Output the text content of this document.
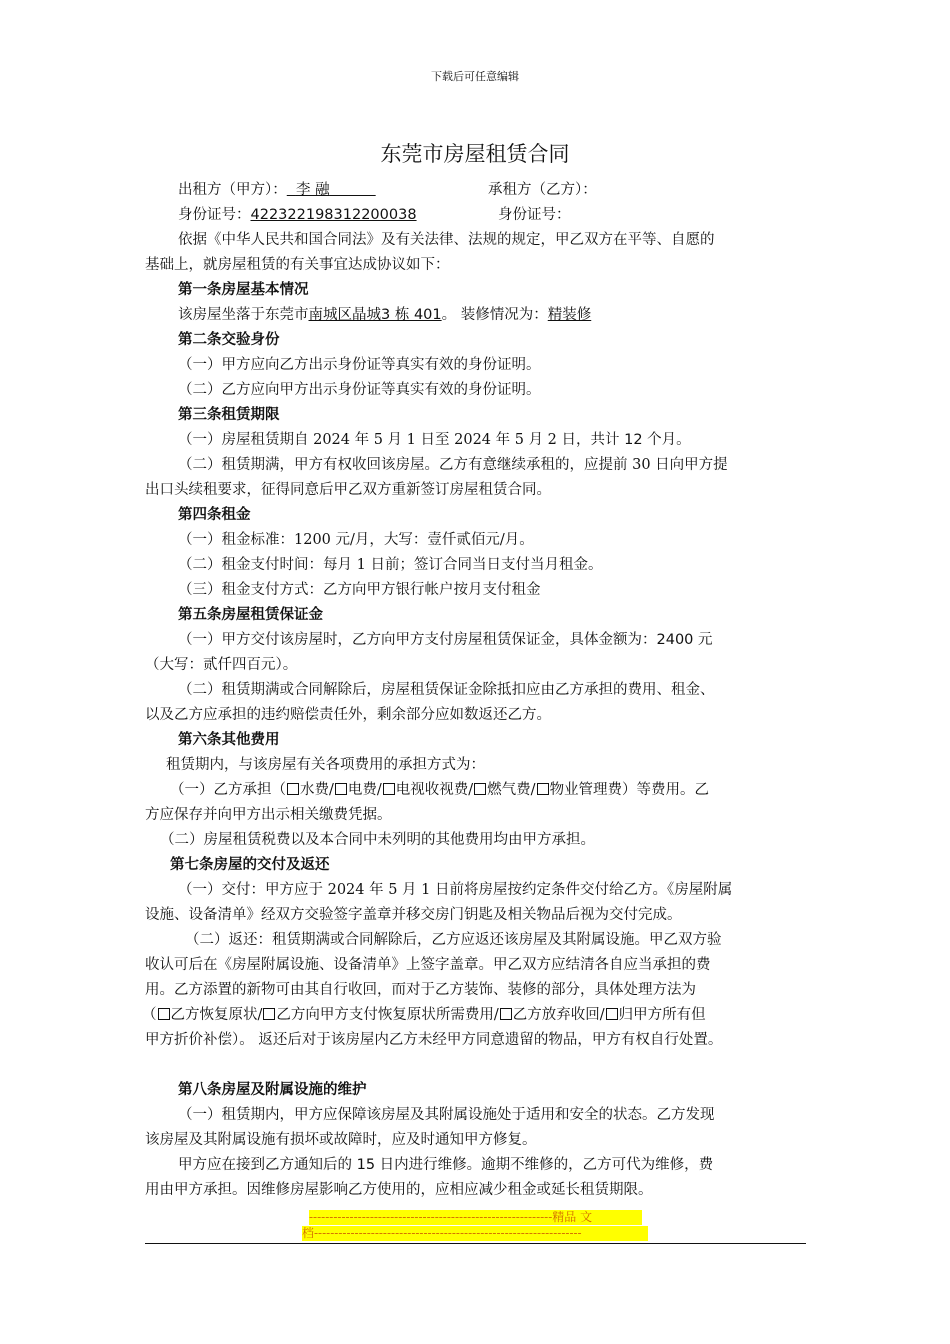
下载后可任意编辑
东莞市房屋租赁合同
出租方（甲方）： 李 融	承租方（乙方）：
身份证号：422322198312200038	身份证号：
依据《中华人民共和国合同法》及有关法律、法规的规定，甲乙双方在平等、自愿的
基础上，就房屋租赁的有关事宜达成协议如下：
第一条房屋基本情况
该房屋坐落于东莞市南城区晶城3 栋 401。 装修情况为：精装修
第二条交验身份
（一）甲方应向乙方出示身份证等真实有效的身份证明。
（二）乙方应向甲方出示身份证等真实有效的身份证明。
第三条租赁期限
（一）房屋租赁期自 2024 年 5 月 1 日至 2024 年 5 月 2 日，共计 12 个月。
（二）租赁期满，甲方有权收回该房屋。乙方有意继续承租的，应提前 30 日向甲方提
出口头续租要求，征得同意后甲乙双方重新签订房屋租赁合同。
第四条租金
（一）租金标准：1200 元/月，大写：壹仟贰佰元/月。
（二）租金支付时间：每月 1 日前；签订合同当日支付当月租金。
（三）租金支付方式：乙方向甲方银行帐户按月支付租金
第五条房屋租赁保证金
（一）甲方交付该房屋时，乙方向甲方支付房屋租赁保证金，具体金额为：2400 元
（大写：贰仟四百元）。
（二）租赁期满或合同解除后，房屋租赁保证金除抵扣应由乙方承担的费用、租金、
以及乙方应承担的违约赔偿责任外，剩余部分应如数返还乙方。
第六条其他费用
租赁期内，与该房屋有关各项费用的承担方式为：
（一）乙方承担（ 水费/ 电费/ 电视收视费/ 燃气费/ 物业管理费）等费用。乙
方应保存并向甲方出示相关缴费凭据。
（二）房屋租赁税费以及本合同中未列明的其他费用均由甲方承担。
第七条房屋的交付及返还
（一）交付：甲方应于 2024 年 5 月 1 日前将房屋按约定条件交付给乙方。《房屋附属
设施、设备清单》经双方交验签字盖章并移交房门钥匙及相关物品后视为交付完成。
（二）返还：租赁期满或合同解除后，乙方应返还该房屋及其附属设施。甲乙双方验
收认可后在《房屋附属设施、设备清单》上签字盖章。甲乙双方应结清各自应当承担的费
用。乙方添置的新物可由其自行收回，而对于乙方装饰、装修的部分，具体处理方法为
（ 乙方恢复原状/ 乙方向甲方支付恢复原状所需费用/ 乙方放弃收回/ 归甲方所有但
甲方折价补偿）。 返还后对于该房屋内乙方未经甲方同意遗留的物品，甲方有权自行处置。
第八条房屋及附属设施的维护
（一）租赁期内，甲方应保障该房屋及其附属设施处于适用和安全的状态。乙方发现
该房屋及其附属设施有损坏或故障时，应及时通知甲方修复。
甲方应在接到乙方通知后的 15 日内进行维修。逾期不维修的，乙方可代为维修，费
用由甲方承担。因维修房屋影响乙方使用的，应相应减少租金或延长租赁期限。
------------------------------------------------------------精品 文
档------------------------------------------------------------------
